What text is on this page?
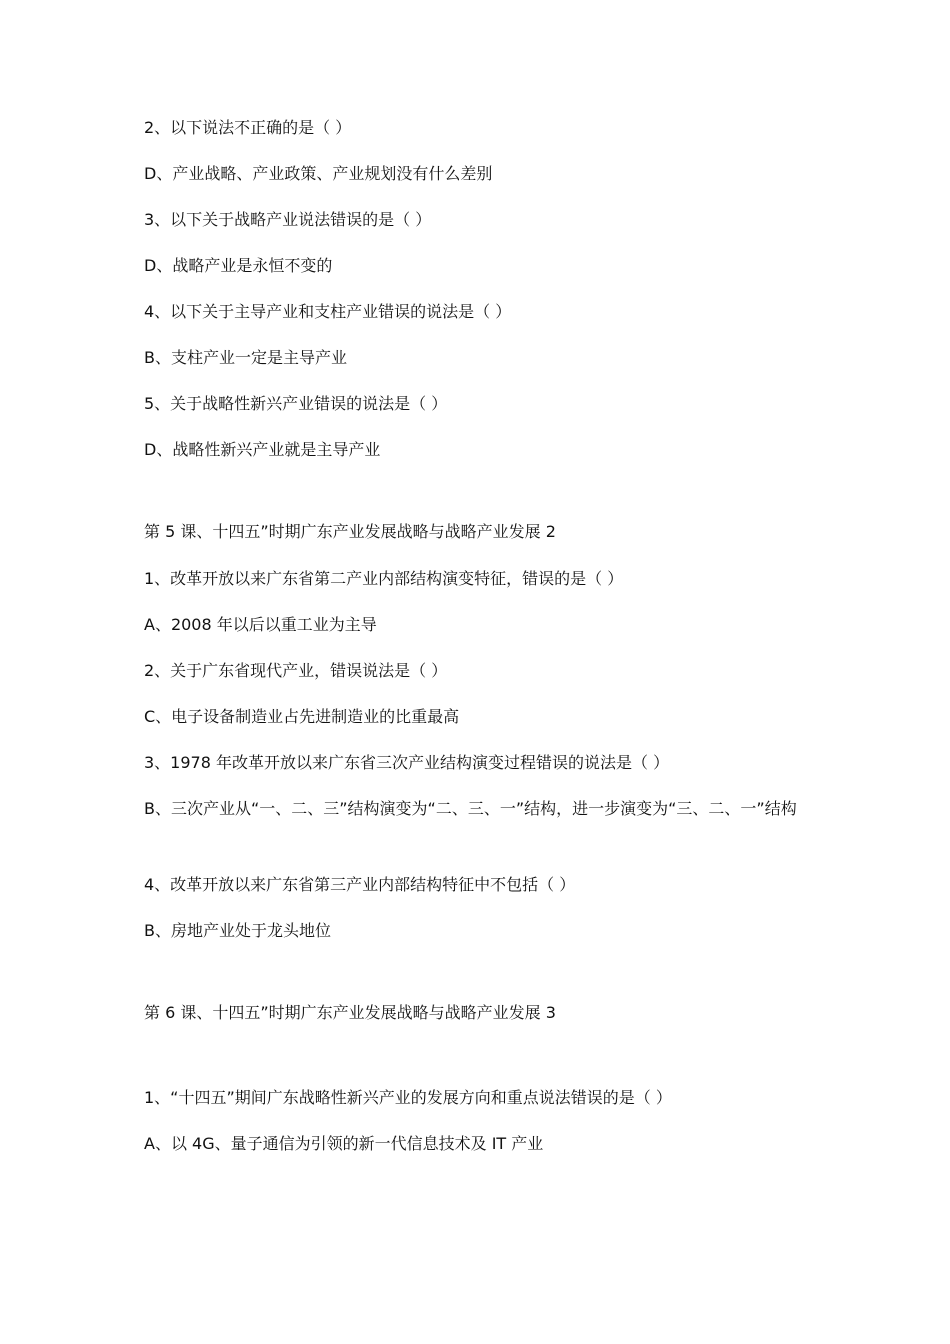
2、以下说法不正确的是（ ）
D、产业战略、产业政策、产业规划没有什么差别
3、以下关于战略产业说法错误的是（ ）
D、战略产业是永恒不变的
4、以下关于主导产业和支柱产业错误的说法是（ ）
B、支柱产业一定是主导产业
5、关于战略性新兴产业错误的说法是（ ）
D、战略性新兴产业就是主导产业
第 5 课、十四五”时期广东产业发展战略与战略产业发展 2
1、改革开放以来广东省第二产业内部结构演变特征，错误的是（ ）
A、2008 年以后以重工业为主导
2、关于广东省现代产业，错误说法是（ ）
C、电子设备制造业占先进制造业的比重最高
3、1978 年改革开放以来广东省三次产业结构演变过程错误的说法是（ ）
B、三次产业从“一、二、三”结构演变为“二、三、一”结构，进一步演变为“三、二、一”结构
4、改革开放以来广东省第三产业内部结构特征中不包括（ ）
B、房地产业处于龙头地位
第 6 课、十四五”时期广东产业发展战略与战略产业发展 3
1、“十四五”期间广东战略性新兴产业的发展方向和重点说法错误的是（ ）
A、以 4G、量子通信为引领的新一代信息技术及 IT 产业
